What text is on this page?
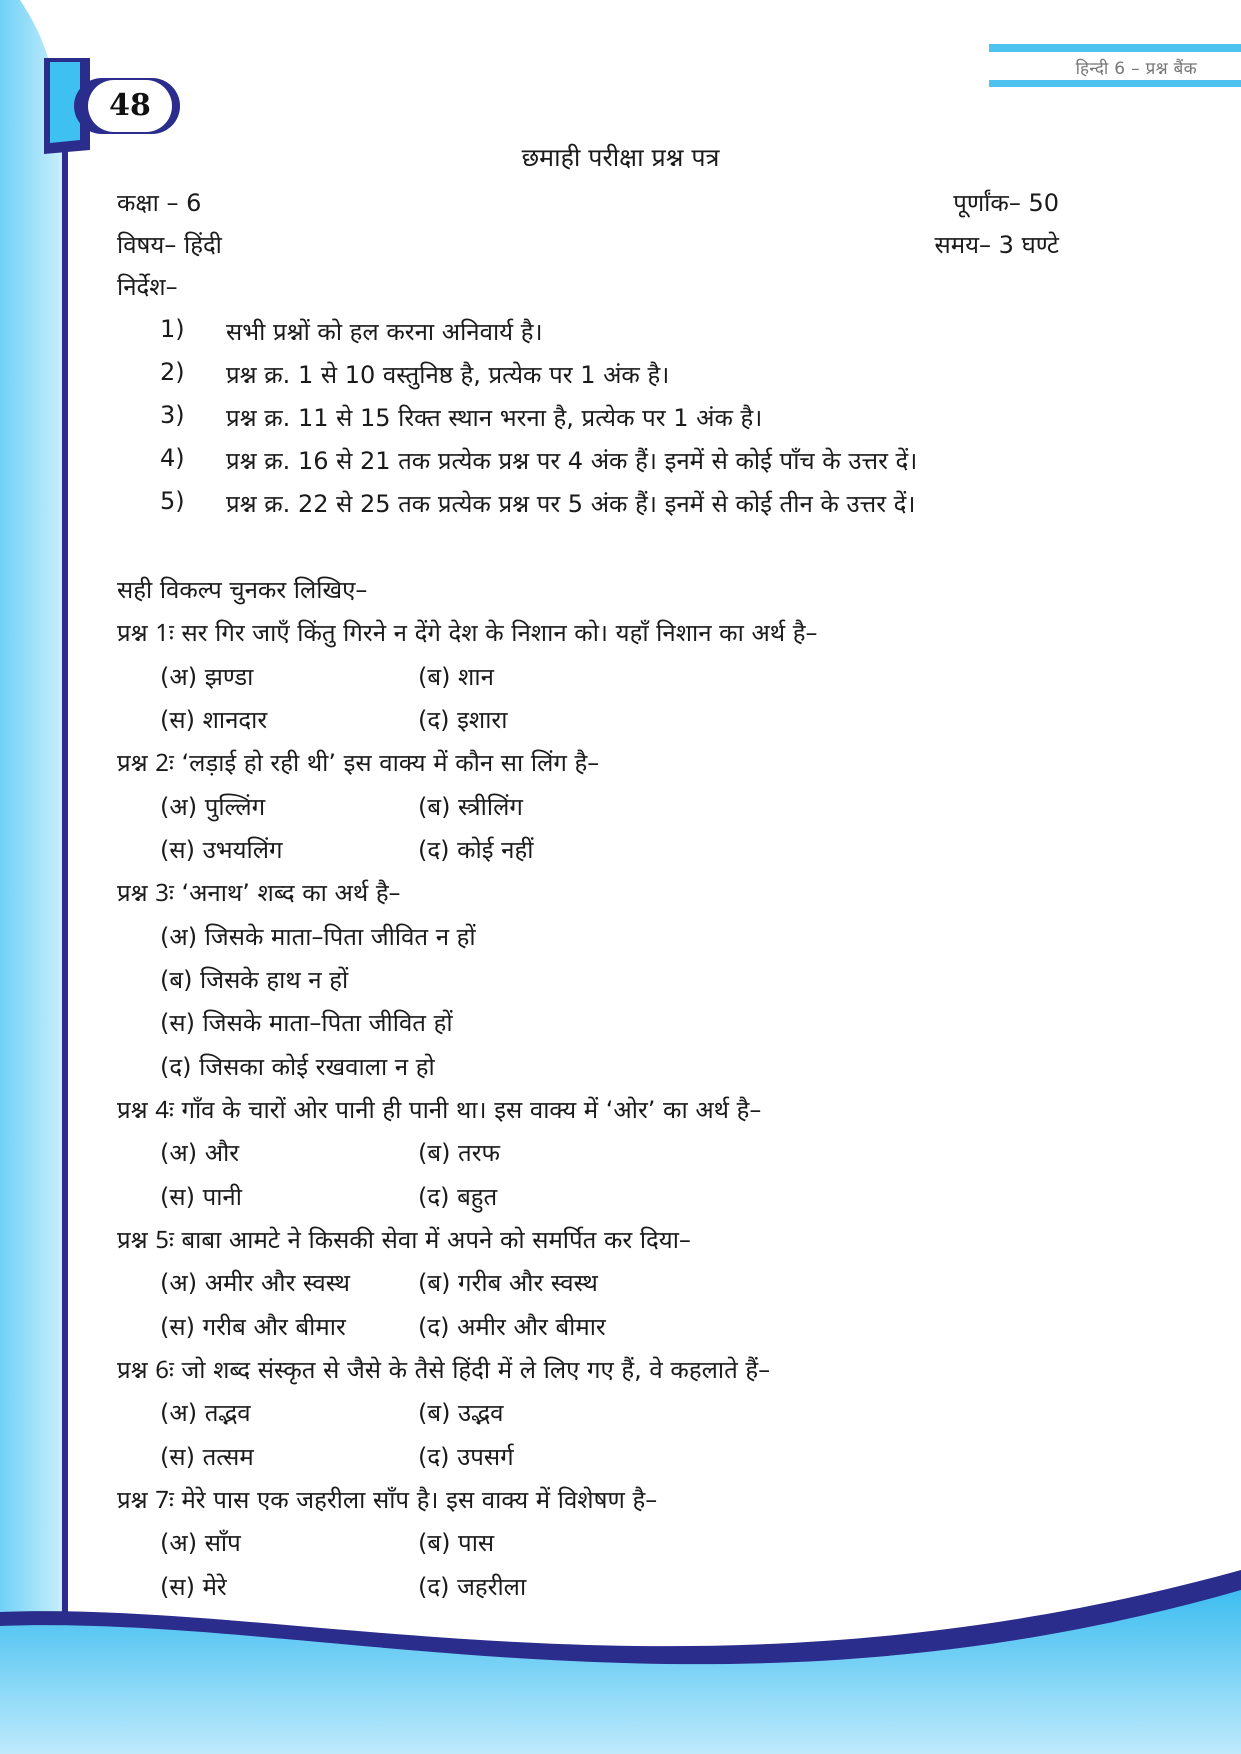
हिन्दी 6 – प्रश्न बैंक
48
छमाही परीक्षा प्रश्न पत्र
कक्षा – 6	पूर्णांक– 50
विषय– हिंदी	समय– 3 घण्टे
निर्देश–
1) सभी प्रश्नों को हल करना अनिवार्य है।
2) प्रश्न क्र. 1 से 10 वस्तुनिष्ठ है, प्रत्येक पर 1 अंक है।
3) प्रश्न क्र. 11 से 15 रिक्त स्थान भरना है, प्रत्येक पर 1 अंक है।
4) प्रश्न क्र. 16 से 21 तक प्रत्येक प्रश्न पर 4 अंक हैं। इनमें से कोई पाँच के उत्तर दें।
5) प्रश्न क्र. 22 से 25 तक प्रत्येक प्रश्न पर 5 अंक हैं। इनमें से कोई तीन के उत्तर दें।
सही विकल्प चुनकर लिखिए–
प्रश्न 1ः सर गिर जाएँ किंतु गिरने न देंगे देश के निशान को। यहाँ निशान का अर्थ है–
(अ) झण्डा	(ब) शान
(स) शानदार	(द) इशारा
प्रश्न 2ः ‘लड़ाई हो रही थी’ इस वाक्य में कौन सा लिंग है–
(अ) पुल्लिंग	(ब) स्त्रीलिंग
(स) उभयलिंग	(द) कोई नहीं
प्रश्न 3ः ‘अनाथ’ शब्द का अर्थ है–
(अ) जिसके माता–पिता जीवित न हों
(ब) जिसके हाथ न हों
(स) जिसके माता–पिता जीवित हों
(द) जिसका कोई रखवाला न हो
प्रश्न 4ः गाँव के चारों ओर पानी ही पानी था। इस वाक्य में ‘ओर’ का अर्थ है–
(अ) और	(ब) तरफ
(स) पानी	(द) बहुत
प्रश्न 5ः बाबा आमटे ने किसकी सेवा में अपने को समर्पित कर दिया–
(अ) अमीर और स्वस्थ	(ब) गरीब और स्वस्थ
(स) गरीब और बीमार	(द) अमीर और बीमार
प्रश्न 6ः जो शब्द संस्कृत से जैसे के तैसे हिंदी में ले लिए गए हैं, वे कहलाते हैं–
(अ) तद्भव	(ब) उद्भव
(स) तत्सम	(द) उपसर्ग
प्रश्न 7ः मेरे पास एक जहरीला साँप है। इस वाक्य में विशेषण है–
(अ) साँप	(ब) पास
(स) मेरे	(द) जहरीला
